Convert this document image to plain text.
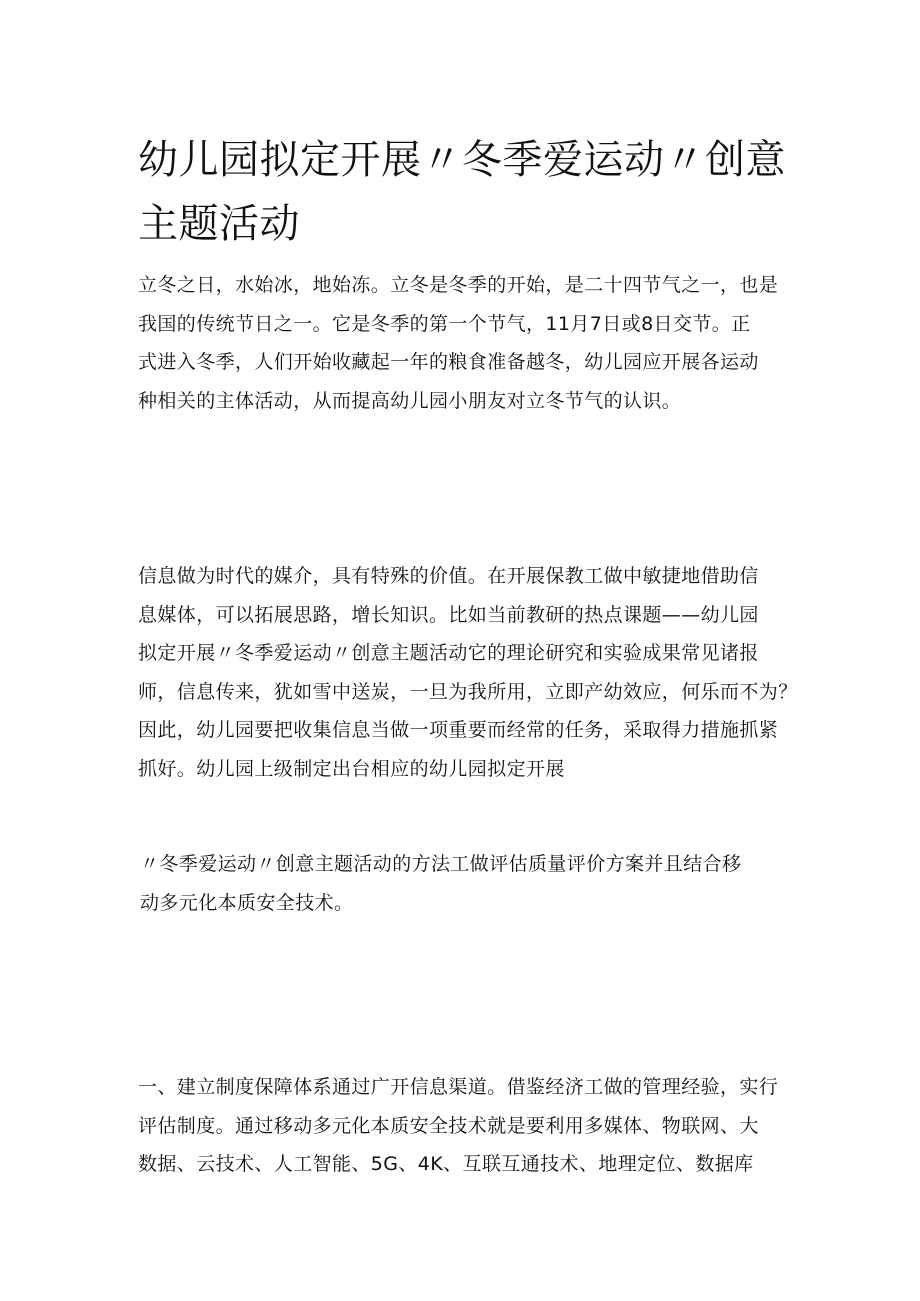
幼儿园拟定开展〃冬季爱运动〃创意
主题活动

立冬之日，水始冰，地始冻。立冬是冬季的开始，是二十四节气之一，也是
我国的传统节日之一。它是冬季的第一个节气，11月7日或8日交节。正
式进入冬季，人们开始收藏起一年的粮食准备越冬，幼儿园应开展各运动
种相关的主体活动，从而提高幼儿园小朋友对立冬节气的认识。

信息做为时代的媒介，具有特殊的价值。在开展保教工做中敏捷地借助信
息媒体，可以拓展思路，增长知识。比如当前教研的热点课题——幼儿园
拟定开展〃冬季爱运动〃创意主题活动它的理论研究和实验成果常见诸报
师，信息传来，犹如雪中送炭，一旦为我所用，立即产幼效应，何乐而不为？
因此，幼儿园要把收集信息当做一项重要而经常的任务，采取得力措施抓紧
抓好。幼儿园上级制定出台相应的幼儿园拟定开展

〃冬季爱运动〃创意主题活动的方法工做评估质量评价方案并且结合移
动多元化本质安全技术。

一、建立制度保障体系通过广开信息渠道。借鉴经济工做的管理经验，实行
评估制度。通过移动多元化本质安全技术就是要利用多媒体、物联网、大
数据、云技术、人工智能、5G、4K、互联互通技术、地理定位、数据库
